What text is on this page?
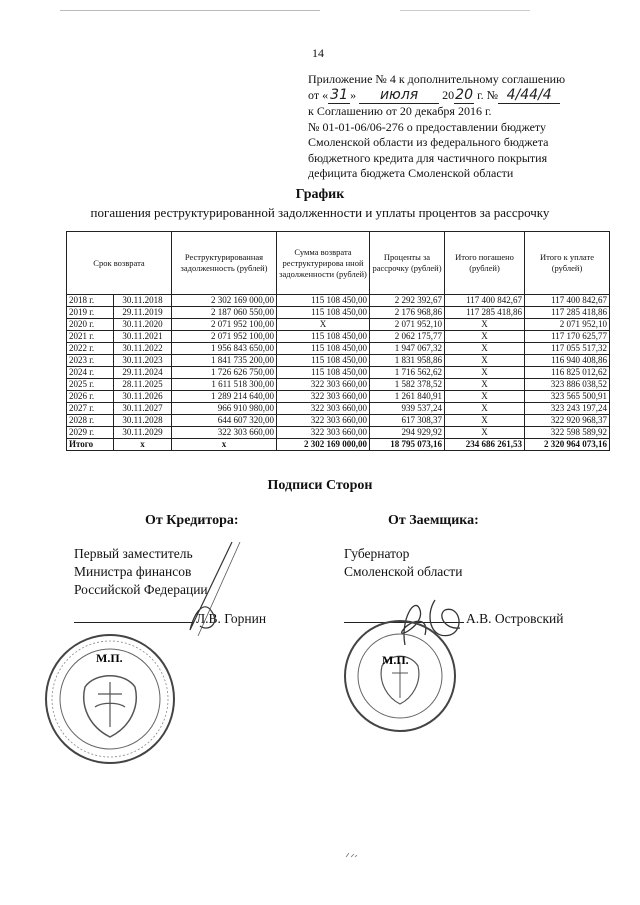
14
Приложение № 4 к дополнительному соглашению
от « 31 » июля 2020 г. № 4/44/4
к Соглашению от 20 декабря 2016 г.
№ 01-01-06/06-276 о предоставлении бюджету
Смоленской области из федерального бюджета
бюджетного кредита для частичного покрытия
дефицита бюджета Смоленской области
График
погашения реструктурированной задолженности и уплаты процентов за рассрочку
Срок возврата		Реструктурированная задолженность (рублей)	Сумма возврата реструктурирова нной задолженности (рублей)	Проценты за рассрочку (рублей)	Итого погашено (рублей)	Итого к уплате (рублей)
2018 г.	30.11.2018	2 302 169 000,00	115 108 450,00	2 292 392,67	117 400 842,67	117 400 842,67
2019 г.	29.11.2019	2 187 060 550,00	115 108 450,00	2 176 968,86	117 285 418,86	117 285 418,86
2020 г.	30.11.2020	2 071 952 100,00	X	2 071 952,10	X	2 071 952,10
2021 г.	30.11.2021	2 071 952 100,00	115 108 450,00	2 062 175,77	X	117 170 625,77
2022 г.	30.11.2022	1 956 843 650,00	115 108 450,00	1 947 067,32	X	117 055 517,32
2023 г.	30.11.2023	1 841 735 200,00	115 108 450,00	1 831 958,86	X	116 940 408,86
2024 г.	29.11.2024	1 726 626 750,00	115 108 450,00	1 716 562,62	X	116 825 012,62
2025 г.	28.11.2025	1 611 518 300,00	322 303 660,00	1 582 378,52	X	323 886 038,52
2026 г.	30.11.2026	1 289 214 640,00	322 303 660,00	1 261 840,91	X	323 565 500,91
2027 г.	30.11.2027	966 910 980,00	322 303 660,00	939 537,24	X	323 243 197,24
2028 г.	30.11.2028	644 607 320,00	322 303 660,00	617 308,37	X	322 920 968,37
2029 г.	30.11.2029	322 303 660,00	322 303 660,00	294 929,92	X	322 598 589,92
Итого	x	x	2 302 169 000,00	18 795 073,16	234 686 261,53	2 320 964 073,16
Подписи Сторон
От Кредитора:	От Заемщика:
Первый заместитель
Министра финансов
Российской Федерации
Губернатор
Смоленской области
Л.В. Горнин	А.В. Островский
М.П.	М.П.
